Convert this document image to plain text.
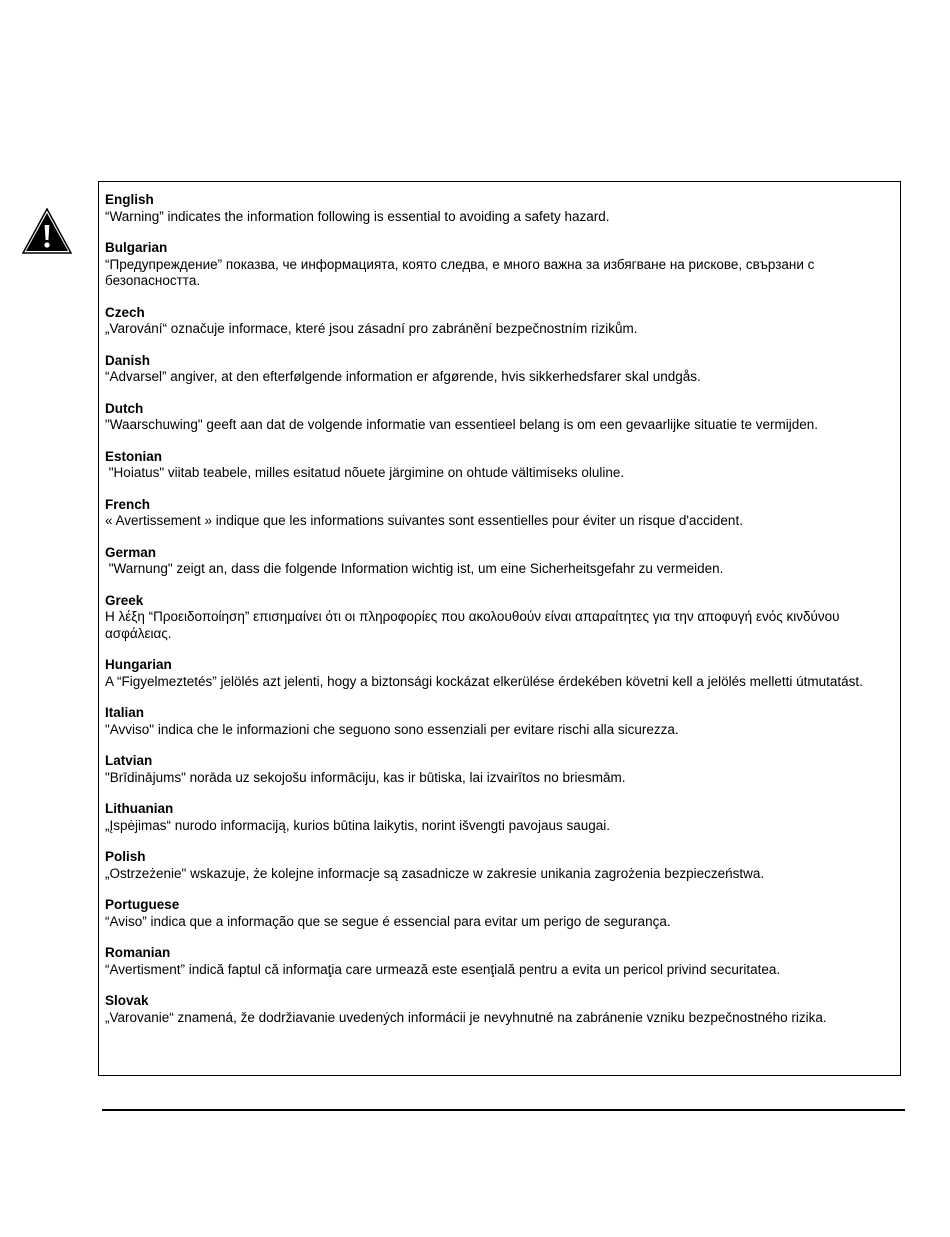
English
“Warning” indicates the information following is essential to avoiding a safety hazard.
Bulgarian
“Предупреждение” показва, че информацията, която следва, е много важна за избягване на рискове, свързани с безопасността.
Czech
„Varování“ označuje informace, které jsou zásadní pro zabránění bezpečnostním rizikům.
Danish
“Advarsel” angiver, at den efterfølgende information er afgørende, hvis sikkerhedsfarer skal undgås.
Dutch
"Waarschuwing" geeft aan dat de volgende informatie van essentieel belang is om een gevaarlijke situatie te vermijden.
Estonian
"Hoiatus" viitab teabele, milles esitatud nõuete järgimine on ohtude vältimiseks oluline.
French
« Avertissement » indique que les informations suivantes sont essentielles pour éviter un risque d'accident.
German
"Warnung" zeigt an, dass die folgende Information wichtig ist, um eine Sicherheitsgefahr zu vermeiden.
Greek
Η λέξη “Προειδοποίηση” επισημαίνει ότι οι πληροφορίες που ακολουθούν είναι απαραίτητες για την αποφυγή ενός κινδύνου ασφάλειας.
Hungarian
A “Figyelmeztetés” jelölés azt jelenti, hogy a biztonsági kockázat elkerülése érdekében követni kell a jelölés melletti útmutatást.
Italian
"Avviso" indica che le informazioni che seguono sono essenziali per evitare rischi alla sicurezza.
Latvian
"Brīdinājums" norāda uz sekojošu informāciju, kas ir būtiska, lai izvairītos no briesmām.
Lithuanian
„Įspėjimas“ nurodo informaciją, kurios būtina laikytis, norint išvengti pavojaus saugai.
Polish
„Ostrzeżenie" wskazuje, że kolejne informacje są zasadnicze w zakresie unikania zagrożenia bezpieczeństwa.
Portuguese
“Aviso” indica que a informação que se segue é essencial para evitar um perigo de segurança.
Romanian
“Avertisment” indică faptul că informaţia care urmează este esenţială pentru a evita un pericol privind securitatea.
Slovak
„Varovanie“ znamená, že dodržiavanie uvedených informácii je nevyhnutné na zabránenie vzniku bezpečnostného rizika.
